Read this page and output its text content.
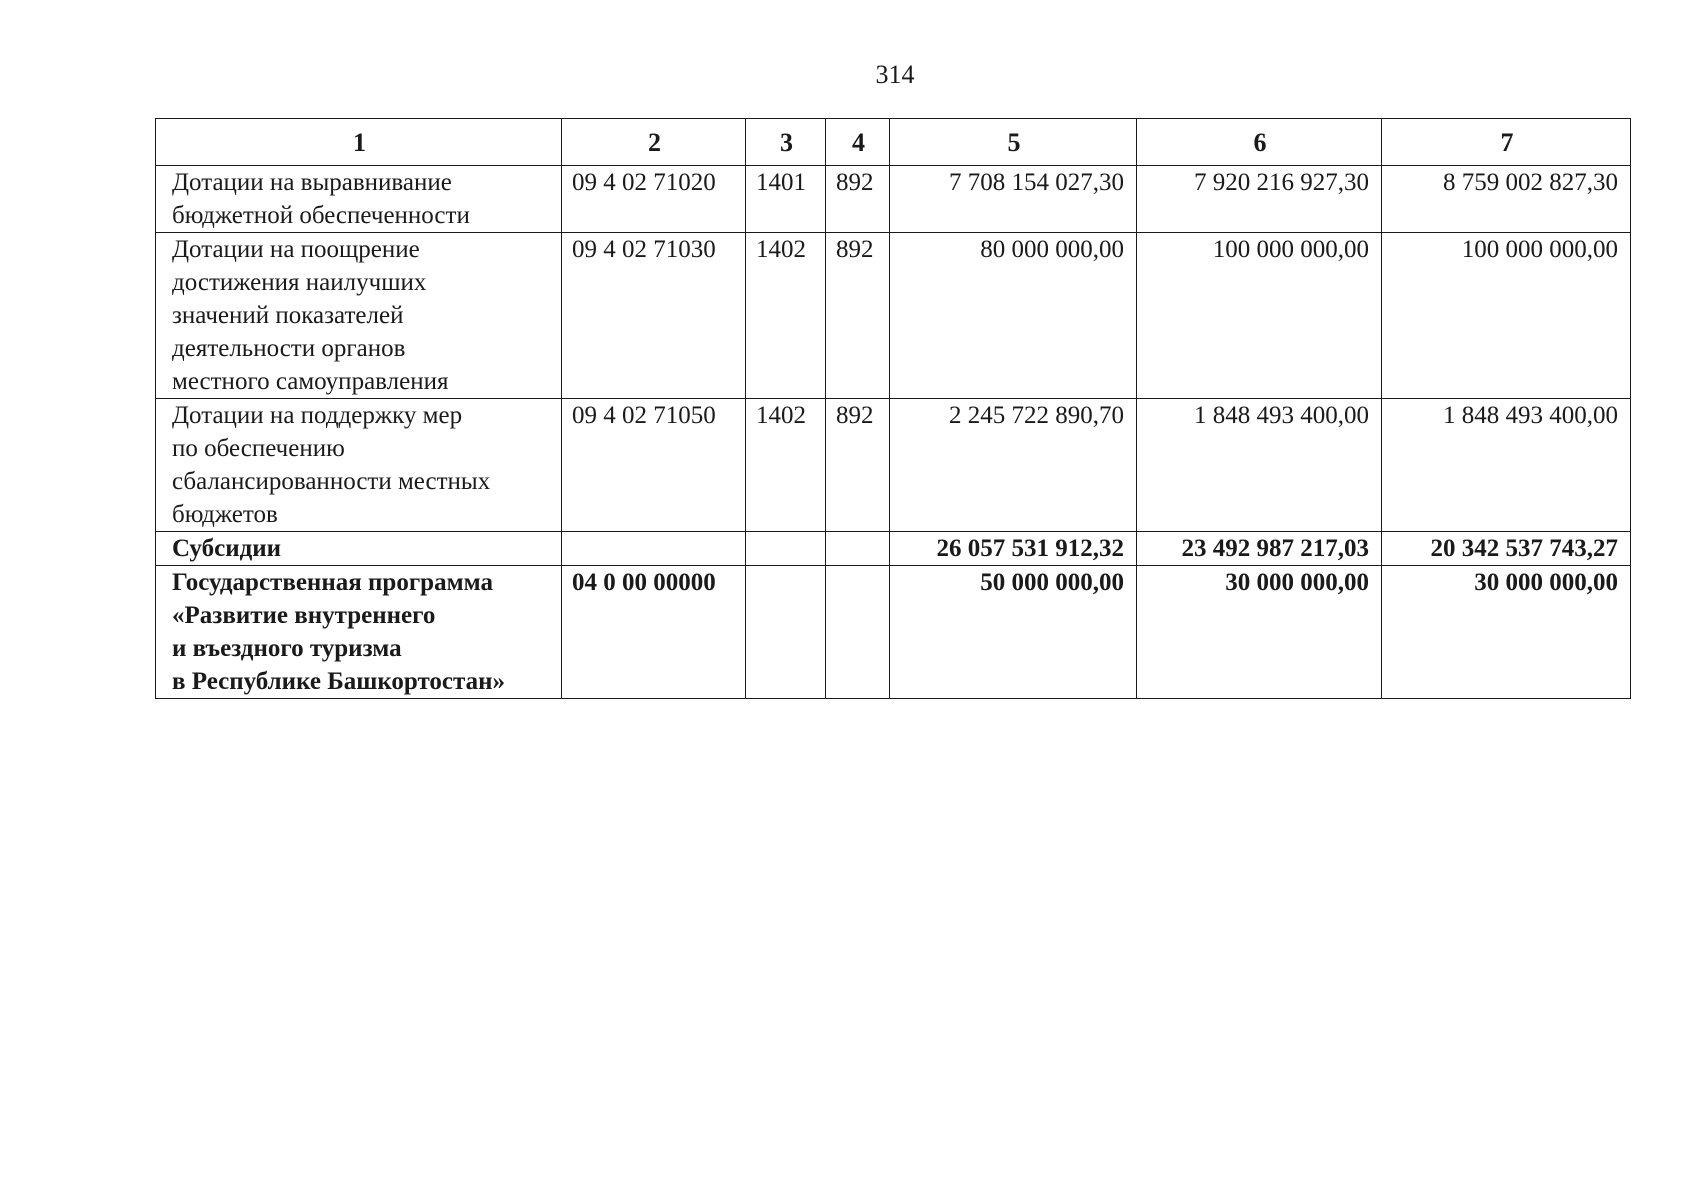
314
1	2	3	4	5	6	7
Дотации на выравнивание
бюджетной обеспеченности	09 4 02 71020	1401	892	7 708 154 027,30	7 920 216 927,30	8 759 002 827,30
Дотации на поощрение
достижения наилучших
значений показателей
деятельности органов
местного самоуправления	09 4 02 71030	1402	892	80 000 000,00	100 000 000,00	100 000 000,00
Дотации на поддержку мер
по обеспечению
сбалансированности местных
бюджетов	09 4 02 71050	1402	892	2 245 722 890,70	1 848 493 400,00	1 848 493 400,00
Субсидии				26 057 531 912,32	23 492 987 217,03	20 342 537 743,27
Государственная программа
«Развитие внутреннего
и въездного туризма
в Республике Башкортостан»	04 0 00 00000			50 000 000,00	30 000 000,00	30 000 000,00
